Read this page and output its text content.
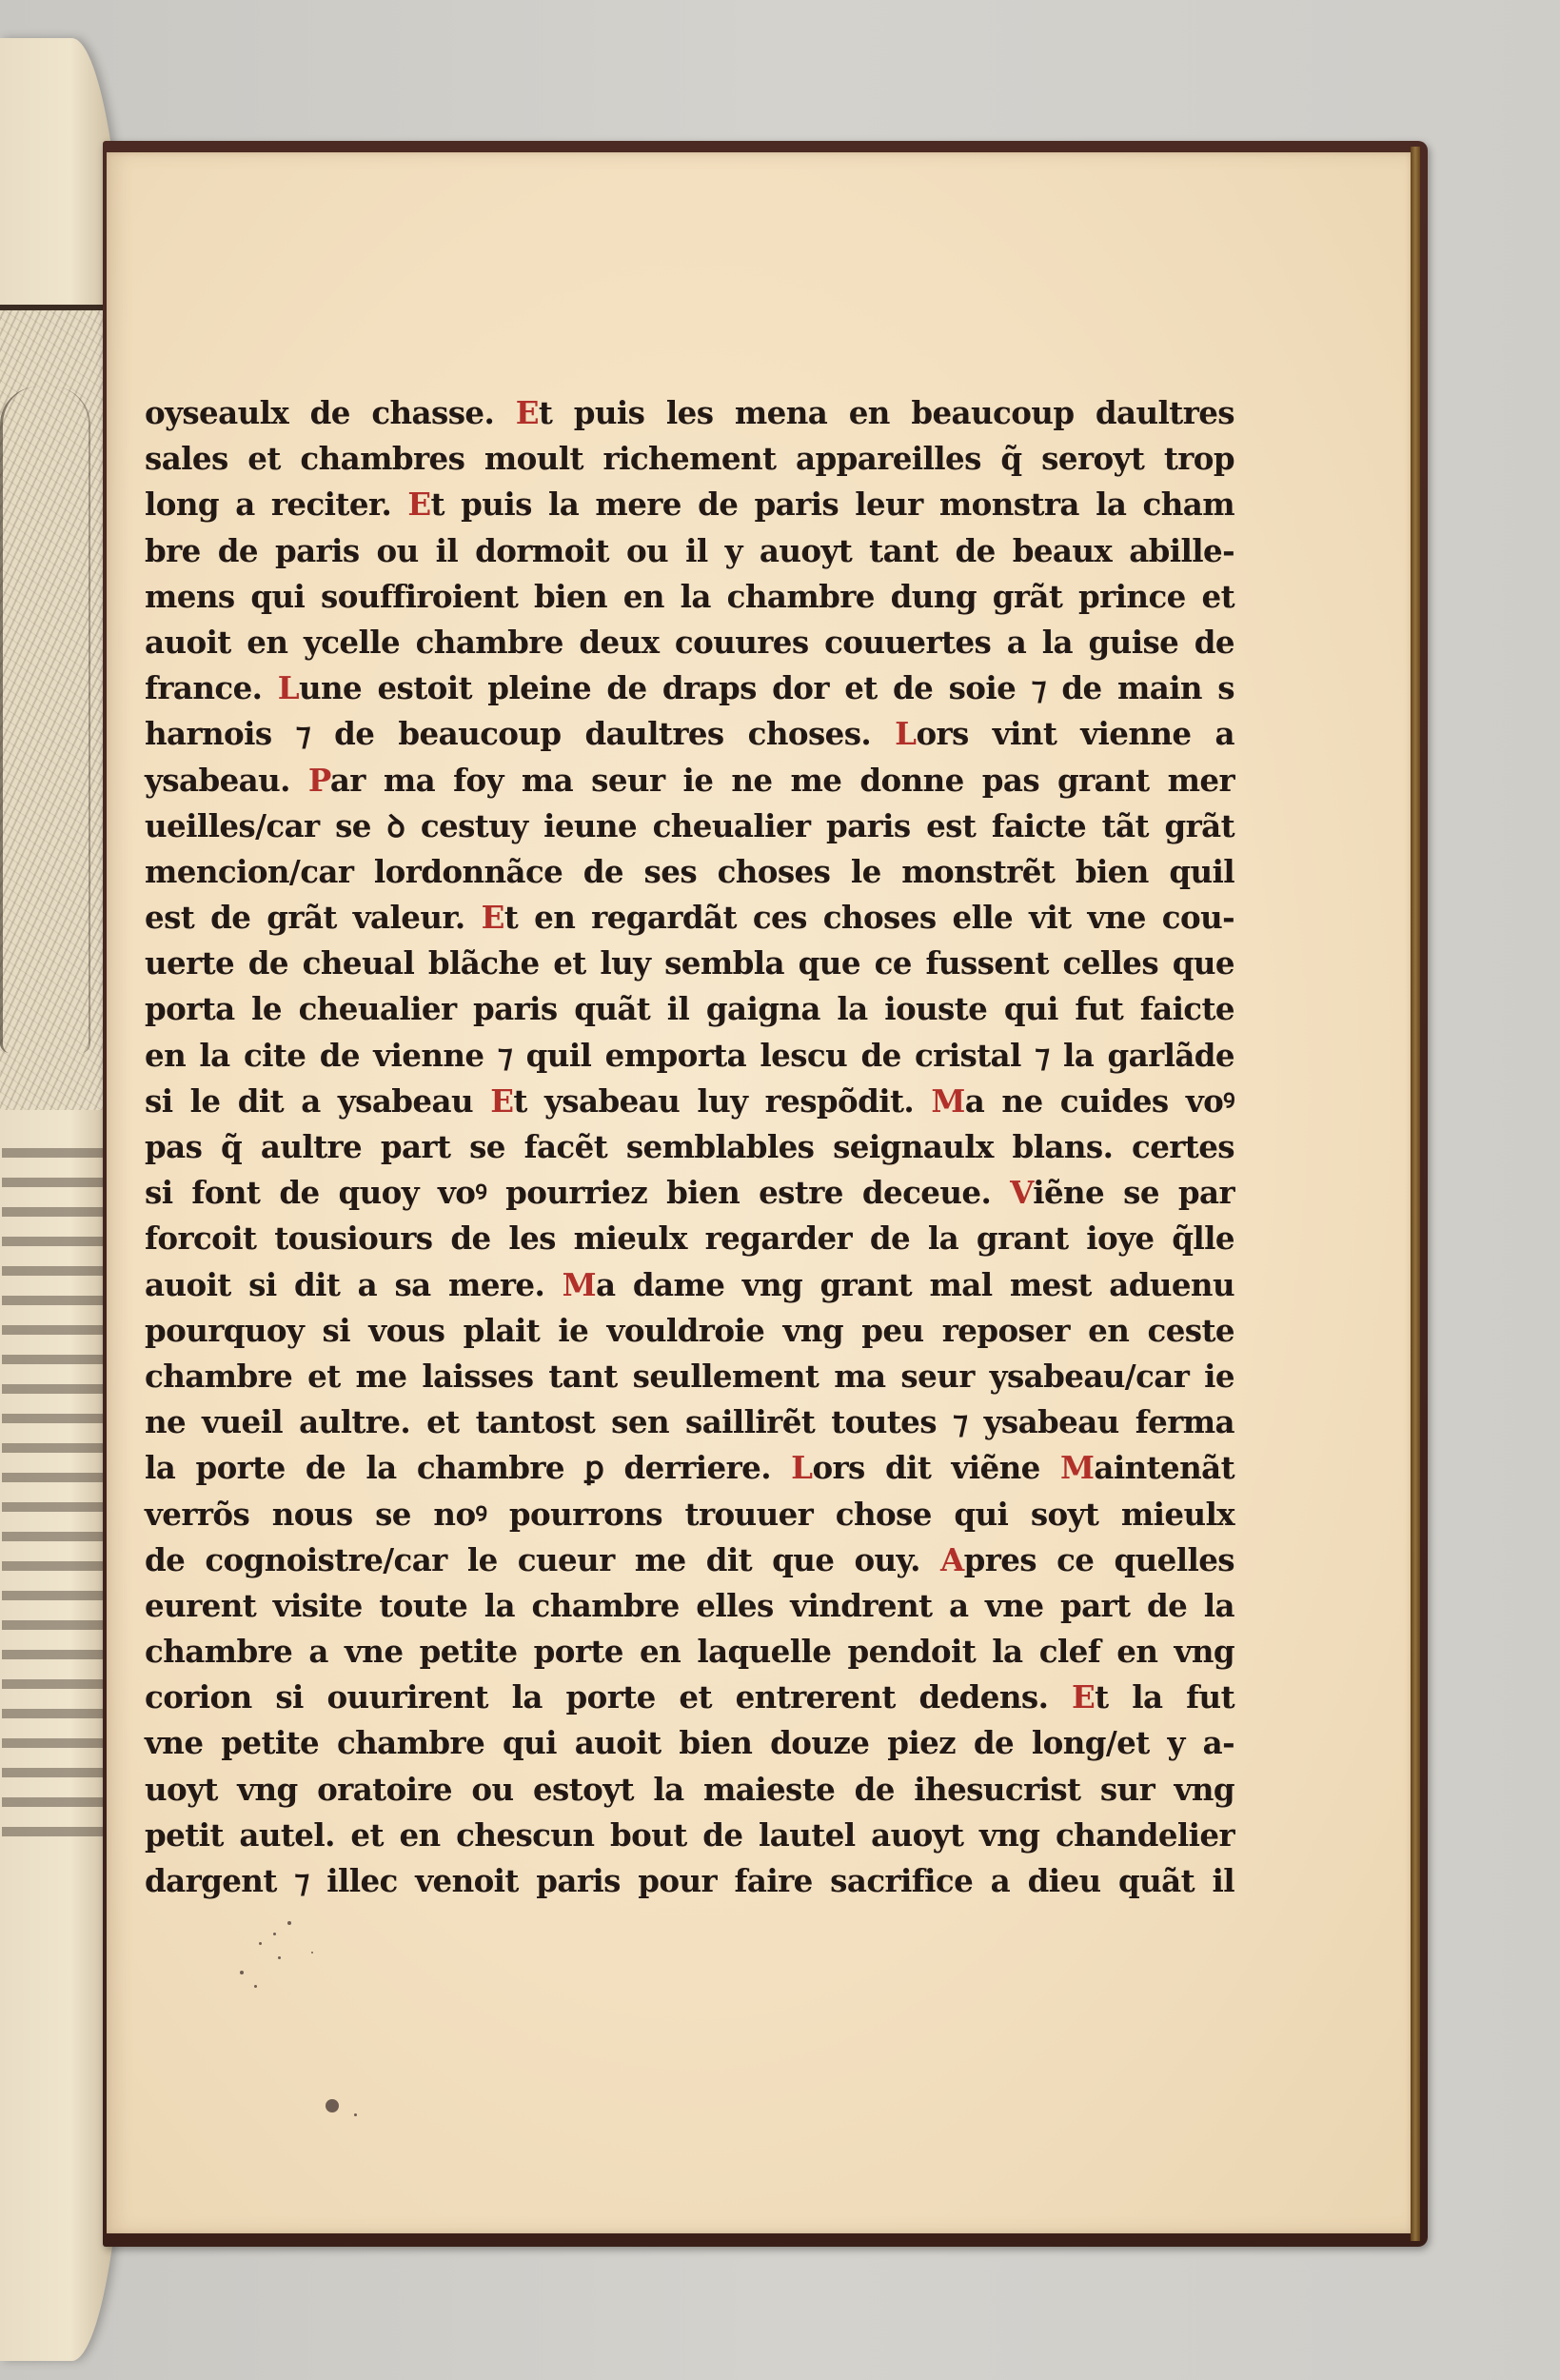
oyseaulx de chasse. Et puis les mena en beaucoup daultres
sales et chambres moult richement appareilles q̃ seroyt trop
long a reciter. Et puis la mere de paris leur monstra la cham
bre de paris ou il dormoit ou il y auoyt tant de beaux abille-
mens qui souffiroient bien en la chambre dung grãt prince et
auoit en ycelle chambre deux couures couuertes a la guise de
france. Lune estoit pleine de draps dor et de soie ⁊ de main s
harnois ⁊ de beaucoup daultres choses. Lors vint vienne a
ysabeau. Par ma foy ma seur ie ne me donne pas grant mer
ueilles/car se ꝺ cestuy ieune cheualier paris est faicte tãt grãt
mencion/car lordonnãce de ses choses le monstrẽt bien quil
est de grãt valeur. Et en regardãt ces choses elle vit vne cou-
uerte de cheual blãche et luy sembla que ce fussent celles que
porta le cheualier paris quãt il gaigna la iouste qui fut faicte
en la cite de vienne ⁊ quil emporta lescu de cristal ⁊ la garlãde
si le dit a ysabeau Et ysabeau luy respõdit. Ma ne cuides voꝰ
pas q̃ aultre part se facẽt semblables seignaulx blans. certes
si font de quoy voꝰ pourriez bien estre deceue. Viẽne se par
forcoit tousiours de les mieulx regarder de la grant ioye q̃lle
auoit si dit a sa mere. Ma dame vng grant mal mest aduenu
pourquoy si vous plait ie vouldroie vng peu reposer en ceste
chambre et me laisses tant seullement ma seur ysabeau/car ie
ne vueil aultre. et tantost sen saillirẽt toutes ⁊ ysabeau ferma
la porte de la chambre ꝑ derriere. Lors dit viẽne Maintenãt
verrõs nous se noꝰ pourrons trouuer chose qui soyt mieulx
de cognoistre/car le cueur me dit que ouy. Apres ce quelles
eurent visite toute la chambre elles vindrent a vne part de la
chambre a vne petite porte en laquelle pendoit la clef en vng
corion si ouurirent la porte et entrerent dedens. Et la fut
vne petite chambre qui auoit bien douze piez de long/et y a-
uoyt vng oratoire ou estoyt la maieste de ihesucrist sur vng
petit autel. et en chescun bout de lautel auoyt vng chandelier
dargent ⁊ illec venoit paris pour faire sacrifice a dieu quãt il
